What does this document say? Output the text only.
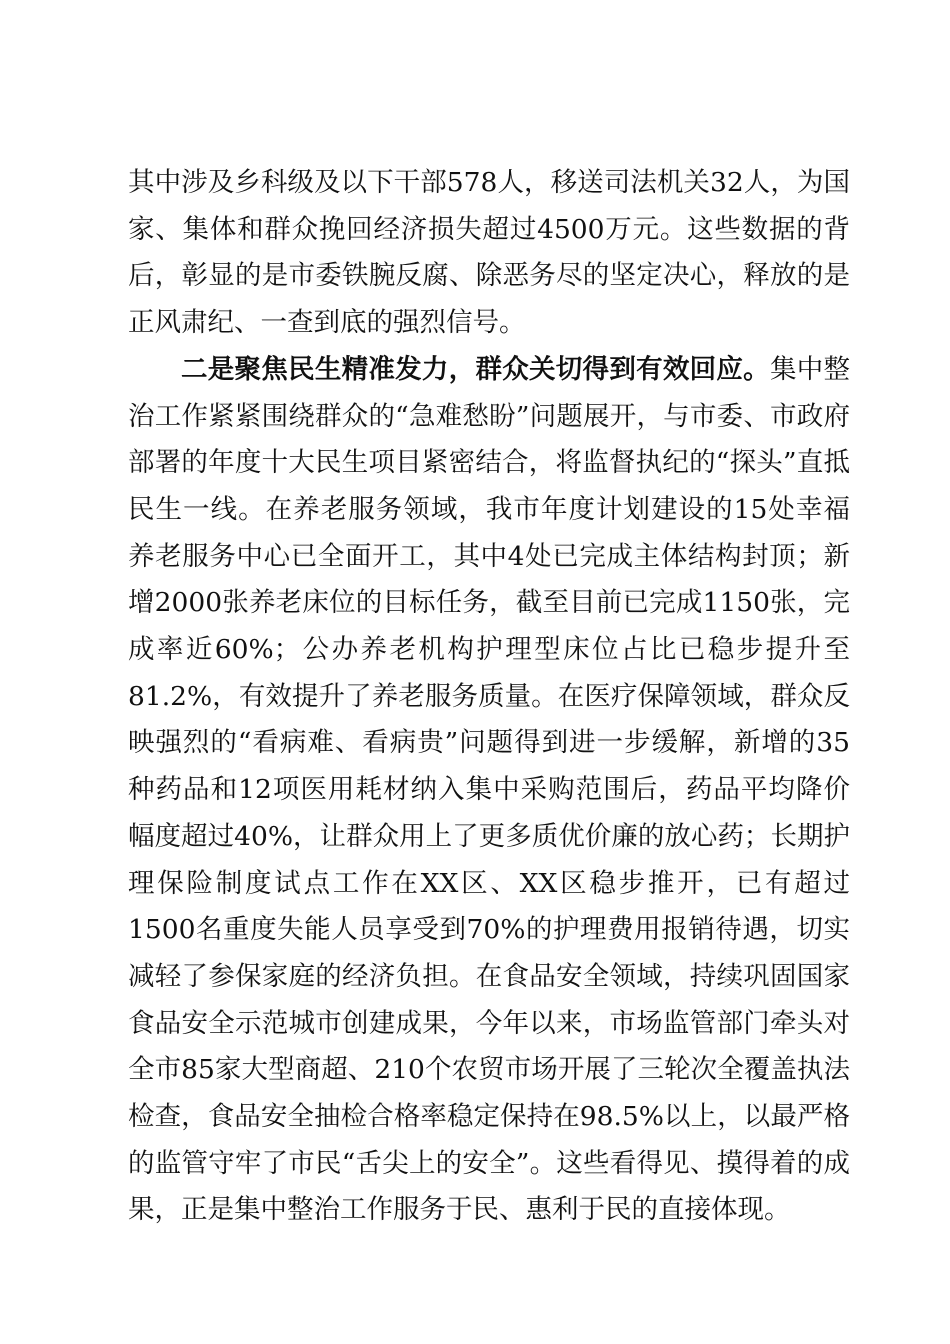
其中涉及乡科级及以下干部578人，移送司法机关32人，为国家、集体和群众挽回经济损失超过4500万元。这些数据的背后，彰显的是市委铁腕反腐、除恶务尽的坚定决心，释放的是正风肃纪、一查到底的强烈信号。

二是聚焦民生精准发力，群众关切得到有效回应。集中整治工作紧紧围绕群众的“急难愁盼”问题展开，与市委、市政府部署的年度十大民生项目紧密结合，将监督执纪的“探头”直抵民生一线。在养老服务领域，我市年度计划建设的15处幸福养老服务中心已全面开工，其中4处已完成主体结构封顶；新增2000张养老床位的目标任务，截至目前已完成1150张，完成率近60%；公办养老机构护理型床位占比已稳步提升至81.2%，有效提升了养老服务质量。在医疗保障领域，群众反映强烈的“看病难、看病贵”问题得到进一步缓解，新增的35种药品和12项医用耗材纳入集中采购范围后，药品平均降价幅度超过40%，让群众用上了更多质优价廉的放心药；长期护理保险制度试点工作在XX区、XX区稳步推开，已有超过1500名重度失能人员享受到70%的护理费用报销待遇，切实减轻了参保家庭的经济负担。在食品安全领域，持续巩固国家食品安全示范城市创建成果，今年以来，市场监管部门牵头对全市85家大型商超、210个农贸市场开展了三轮次全覆盖执法检查，食品安全抽检合格率稳定保持在98.5%以上，以最严格的监管守牢了市民“舌尖上的安全”。这些看得见、摸得着的成果，正是集中整治工作服务于民、惠利于民的直接体现。
